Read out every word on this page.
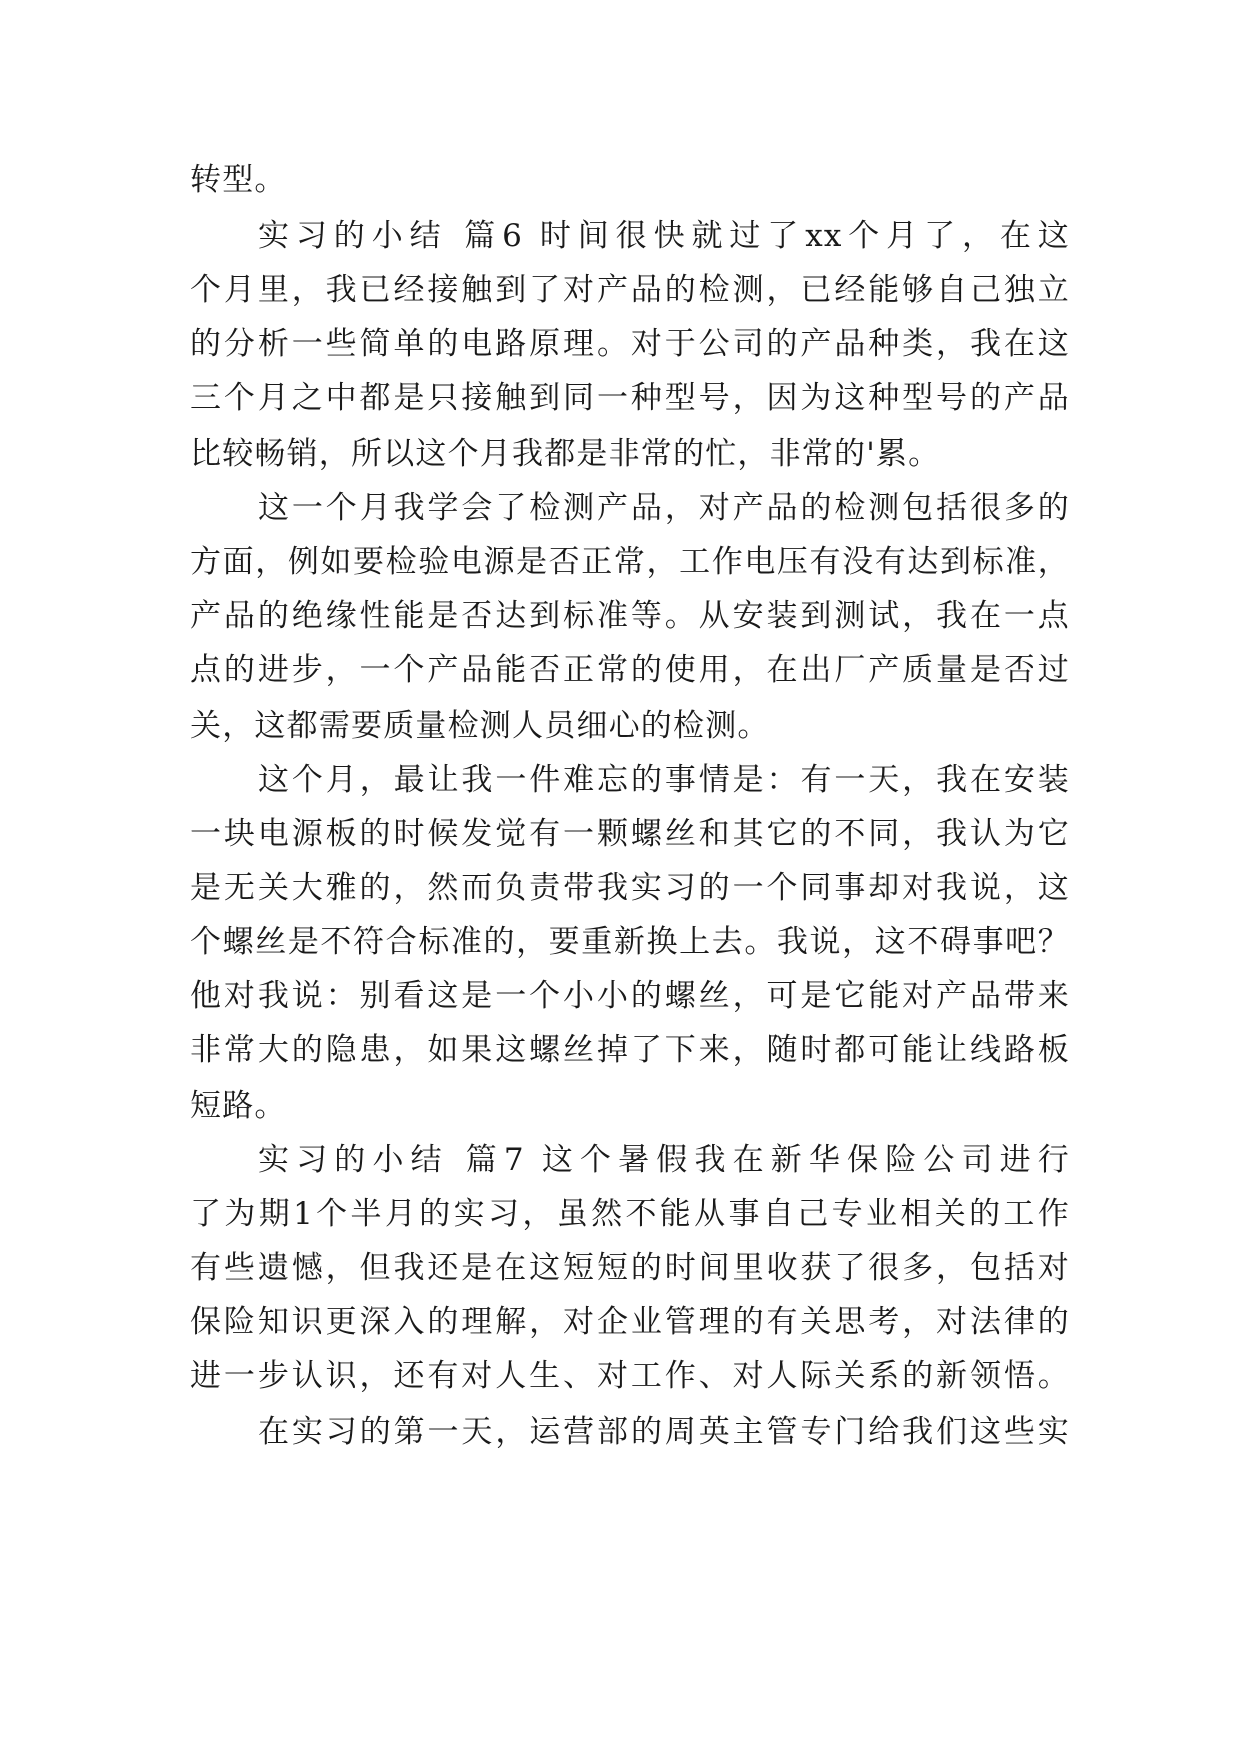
转型。
实习的小结 篇6 时间很快就过了xx个月了，在这
个月里，我已经接触到了对产品的检测，已经能够自己独立
的分析一些简单的电路原理。对于公司的产品种类，我在这
三个月之中都是只接触到同一种型号，因为这种型号的产品
比较畅销，所以这个月我都是非常的忙，非常的'累。
这一个月我学会了检测产品，对产品的检测包括很多的
方面，例如要检验电源是否正常，工作电压有没有达到标准，
产品的绝缘性能是否达到标准等。从安装到测试，我在一点
点的进步，一个产品能否正常的使用，在出厂产质量是否过
关，这都需要质量检测人员细心的检测。
这个月，最让我一件难忘的事情是：有一天，我在安装
一块电源板的时候发觉有一颗螺丝和其它的不同，我认为它
是无关大雅的，然而负责带我实习的一个同事却对我说，这
个螺丝是不符合标准的，要重新换上去。我说，这不碍事吧？
他对我说：别看这是一个小小的螺丝，可是它能对产品带来
非常大的隐患，如果这螺丝掉了下来，随时都可能让线路板
短路。
实习的小结 篇7 这个暑假我在新华保险公司进行
了为期1个半月的实习，虽然不能从事自己专业相关的工作
有些遗憾，但我还是在这短短的时间里收获了很多，包括对
保险知识更深入的理解，对企业管理的有关思考，对法律的
进一步认识，还有对人生、对工作、对人际关系的新领悟。
在实习的第一天，运营部的周英主管专门给我们这些实
